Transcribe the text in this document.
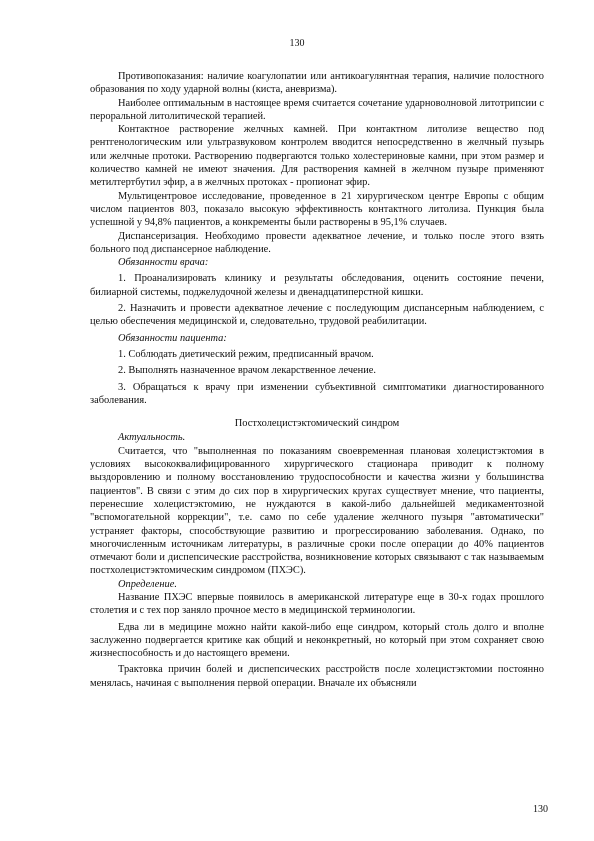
130

Противопоказания: наличие коагулопатии или антикоагулянтная терапия, наличие полостного образования по ходу ударной волны (киста, аневризма).

Наиболее оптимальным в настоящее время считается сочетание ударноволновой литотрипсии с пероральной литолитической терапией.

Контактное растворение желчных камней. При контактном литолизе вещество под рентгенологическим или ультразвуковом контролем вводится непосредственно в желчный пузырь или желчные протоки. Растворению подвергаются только холестериновые камни, при этом размер и количество камней не имеют значения. Для растворения камней в желчном пузыре применяют метилтертбутил эфир, а в желчных протоках - пропионат эфир.

Мультицентровое исследование, проведенное в 21 хирургическом центре Европы с общим числом пациентов 803, показало высокую эффективность контактного литолиза. Пункция была успешной у 94,8% пациентов, а конкременты были растворены в 95,1% случаев.

Диспансеризация. Необходимо провести адекватное лечение, и только после этого взять больного под диспансерное наблюдение.

Обязанности врача:

1. Проанализировать клинику и результаты обследования, оценить состояние печени, билиарной системы, поджелудочной железы и двенадцатиперстной кишки.

2. Назначить и провести адекватное лечение с последующим диспансерным наблюдением, с целью обеспечения медицинской и, следовательно, трудовой реабилитации.

Обязанности пациента:

1. Соблюдать диетический режим, предписанный врачом.

2. Выполнять назначенное врачом лекарственное лечение.

3. Обращаться к врачу при изменении субъективной симптоматики диагностированного заболевания.

Постхолецистэктомический синдром

Актуальность.

Считается, что "выполненная по показаниям своевременная плановая холецистэктомия в условиях высококвалифицированного хирургического стационара приводит к полному выздоровлению и полному восстановлению трудоспособности и качества жизни у большинства пациентов". В связи с этим до сих пор в хирургических кругах существует мнение, что пациенты, перенесшие холецистэктомию, не нуждаются в какой-либо дальнейшей медикаментозной "вспомогательной коррекции", т.е. само по себе удаление желчного пузыря "автоматически" устраняет факторы, способствующие развитию и прогрессированию заболевания. Однако, по многочисленным источникам литературы, в различные сроки после операции до 40% пациентов отмечают боли и диспепсические расстройства, возникновение которых связывают с так называемым постхолецистэктомическим синдромом (ПХЭС).

Определение.

Название ПХЭС впервые появилось в американской литературе еще в 30-х годах прошлого столетия и с тех пор заняло прочное место в медицинской терминологии.

Едва ли в медицине можно найти какой-либо еще синдром, который столь долго и вполне заслуженно подвергается критике как общий и неконкретный, но который при этом сохраняет свою жизнеспособность и до настоящего времени.

Трактовка причин болей и диспепсических расстройств после холецистэктомии постоянно менялась, начиная с выполнения первой операции. Вначале их объясняли

130
